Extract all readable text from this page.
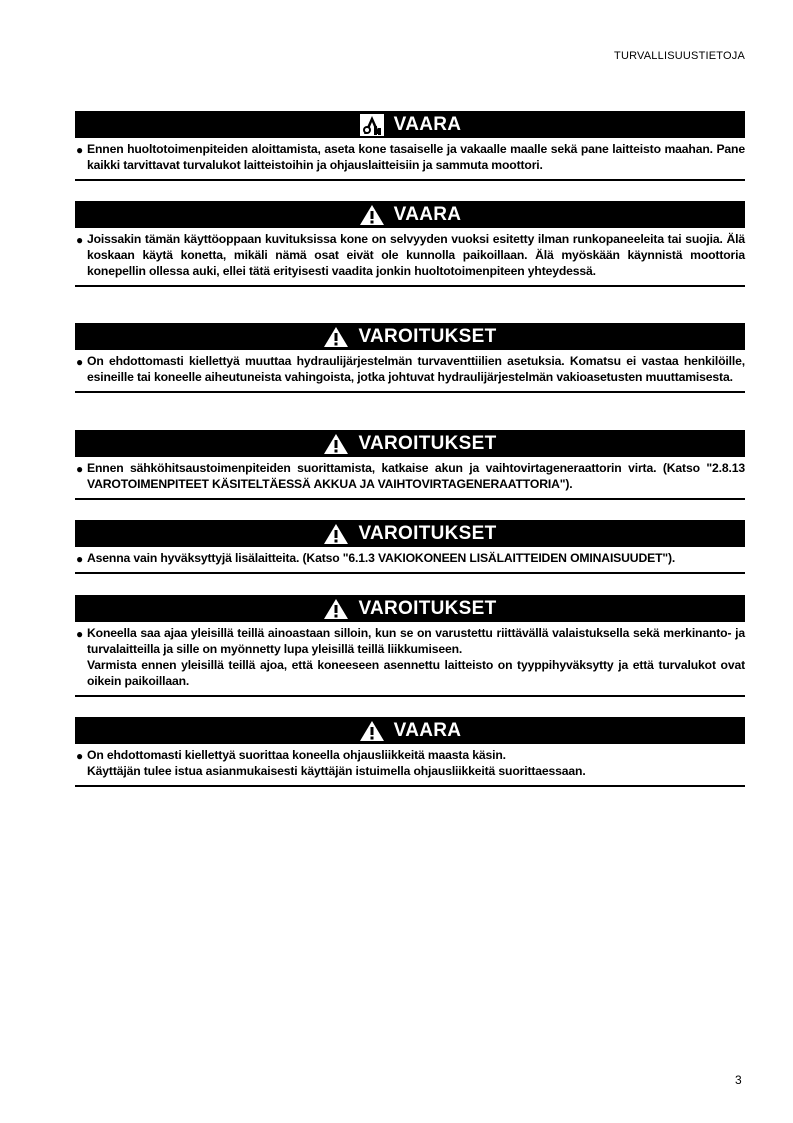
TURVALLISUUSTIETOJA
VAARA
● Ennen huoltotoimenpiteiden aloittamista, aseta kone tasaiselle ja vakaalle maalle sekä pane laitteisto maahan. Pane kaikki tarvittavat turvalukot laitteistoihin ja ohjauslaitteisiin ja sammuta moottori.

VAARA
● Joissakin tämän käyttöoppaan kuvituksissa kone on selvyyden vuoksi esitetty ilman runkopaneeleita tai suojia. Älä koskaan käytä konetta, mikäli nämä osat eivät ole kunnolla paikoillaan. Älä myöskään käynnistä moottoria konepellin ollessa auki, ellei tätä erityisesti vaadita jonkin huoltotoimenpiteen yhteydessä.

VAROITUKSET
● On ehdottomasti kiellettyä muuttaa hydraulijärjestelmän turvaventtiilien asetuksia. Komatsu ei vastaa henkilöille, esineille tai koneelle aiheutuneista vahingoista, jotka johtuvat hydraulijärjestelmän vakioasetusten muuttamisesta.

VAROITUKSET
● Ennen sähköhitsaustoimenpiteiden suorittamista, katkaise akun ja vaihtovirtageneraattorin virta. (Katso "2.8.13 VAROTOIMENPITEET KÄSITELTÄESSÄ AKKUA JA VAIHTOVIRTAGENERAATTORIA").

VAROITUKSET
● Asenna vain hyväksyttyjä lisälaitteita. (Katso "6.1.3 VAKIOKONEEN LISÄLAITTEIDEN OMINAISUUDET").

VAROITUKSET
● Koneella saa ajaa yleisillä teillä ainoastaan silloin, kun se on varustettu riittävällä valaistuksella sekä merkinanto- ja turvalaitteilla ja sille on myönnetty lupa yleisillä teillä liikkumiseen.

Varmista ennen yleisillä teillä ajoa, että koneeseen asennettu laitteisto on tyyppihyväksytty ja että turvalukot ovat oikein paikoillaan.

VAARA
● On ehdottomasti kiellettyä suorittaa koneella ohjausliikkeitä maasta käsin.

Käyttäjän tulee istua asianmukaisesti käyttäjän istuimella ohjausliikkeitä suorittaessaan.

3
